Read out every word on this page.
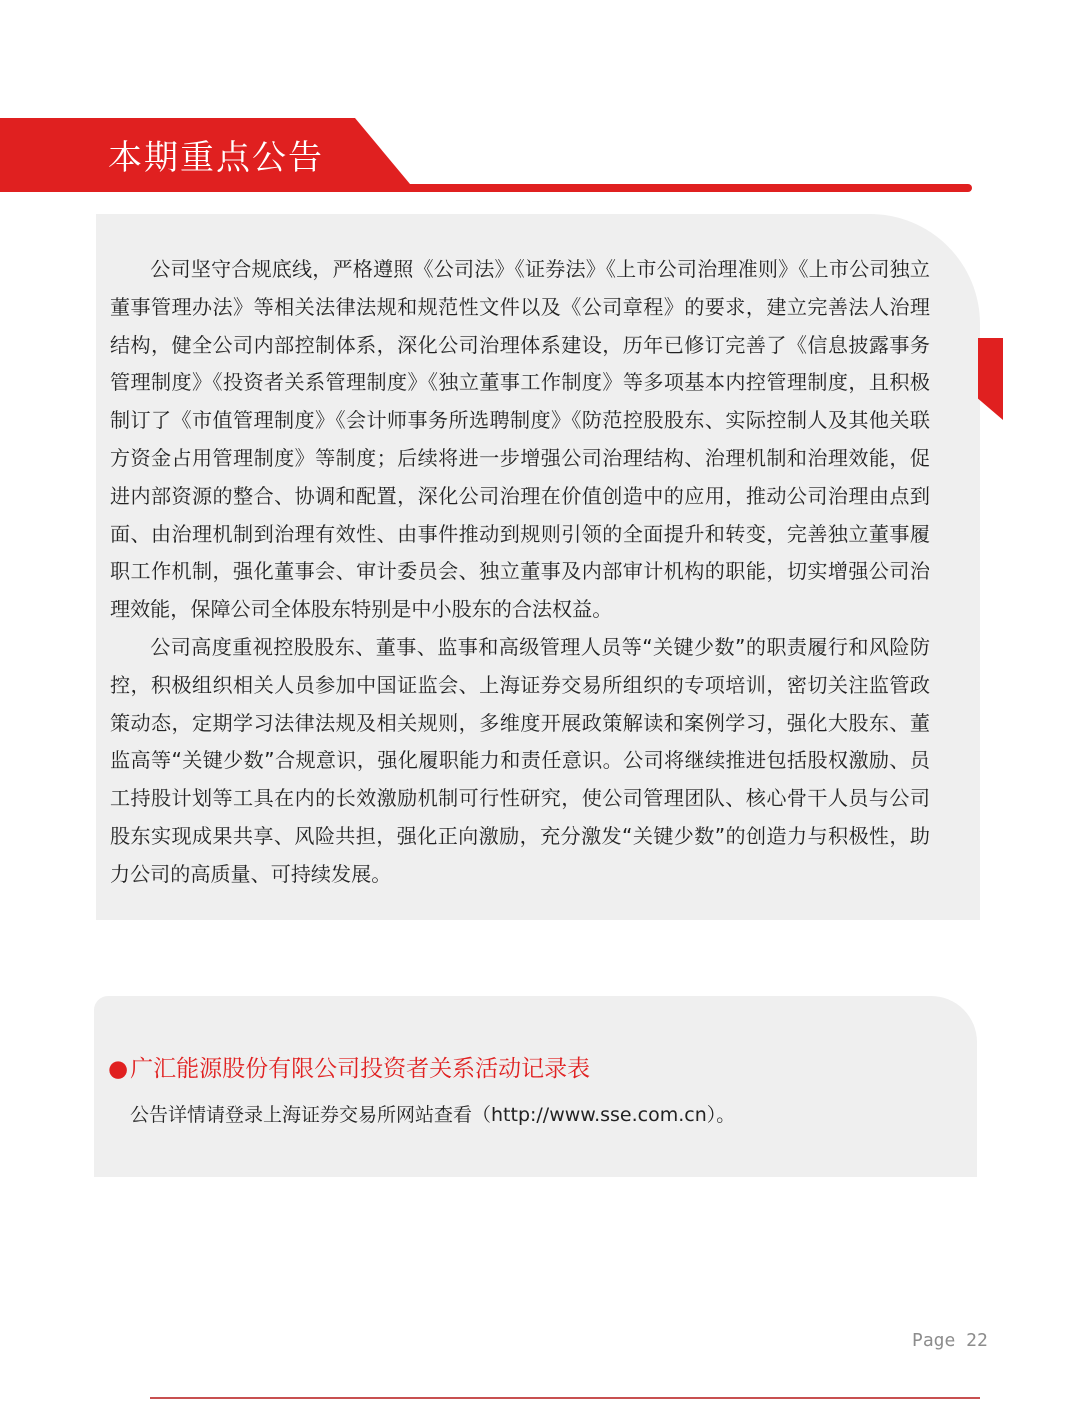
本期重点公告

公司坚守合规底线，严格遵照《公司法》《证券法》《上市公司治理准则》《上市公司独立董事管理办法》等相关法律法规和规范性文件以及《公司章程》的要求，建立完善法人治理结构，健全公司内部控制体系，深化公司治理体系建设，历年已修订完善了《信息披露事务管理制度》《投资者关系管理制度》《独立董事工作制度》等多项基本内控管理制度，且积极制订了《市值管理制度》《会计师事务所选聘制度》《防范控股股东、实际控制人及其他关联方资金占用管理制度》等制度；后续将进一步增强公司治理结构、治理机制和治理效能，促进内部资源的整合、协调和配置，深化公司治理在价值创造中的应用，推动公司治理由点到面、由治理机制到治理有效性、由事件推动到规则引领的全面提升和转变，完善独立董事履职工作机制，强化董事会、审计委员会、独立董事及内部审计机构的职能，切实增强公司治理效能，保障公司全体股东特别是中小股东的合法权益。

公司高度重视控股股东、董事、监事和高级管理人员等“关键少数”的职责履行和风险防控，积极组织相关人员参加中国证监会、上海证券交易所组织的专项培训，密切关注监管政策动态，定期学习法律法规及相关规则，多维度开展政策解读和案例学习，强化大股东、董监高等“关键少数”合规意识，强化履职能力和责任意识。公司将继续推进包括股权激励、员工持股计划等工具在内的长效激励机制可行性研究，使公司管理团队、核心骨干人员与公司股东实现成果共享、风险共担，强化正向激励，充分激发“关键少数”的创造力与积极性，助力公司的高质量、可持续发展。

●广汇能源股份有限公司投资者关系活动记录表
公告详情请登录上海证券交易所网站查看（http://www.sse.com.cn）。
Page 22
